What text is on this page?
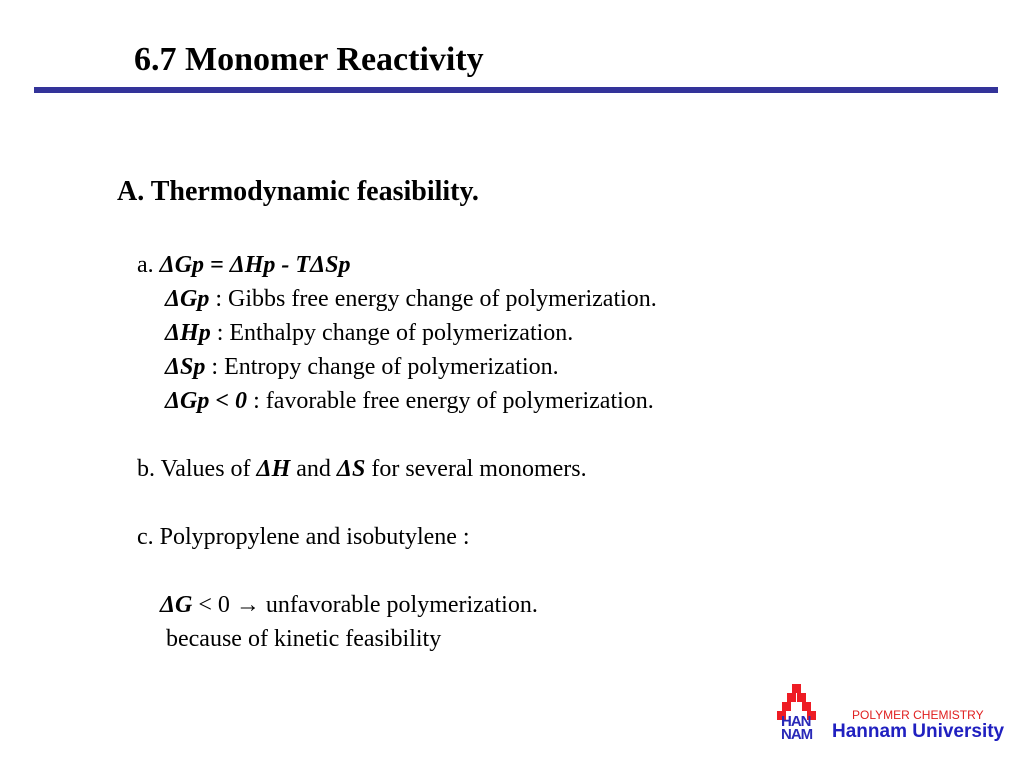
6.7 Monomer Reactivity
A. Thermodynamic feasibility.
a. ΔGp = ΔHp - TΔSp
ΔGp : Gibbs free energy change of polymerization.
ΔHp : Enthalpy change of polymerization.
ΔSp : Entropy change of polymerization.
ΔGp < 0 : favorable free energy of polymerization.
b. Values of ΔH and ΔS for several monomers.
c. Polypropylene and isobutylene :
ΔG < 0 → unfavorable polymerization.
because of kinetic feasibility
HAN
NAM
POLYMER CHEMISTRY
Hannam University
